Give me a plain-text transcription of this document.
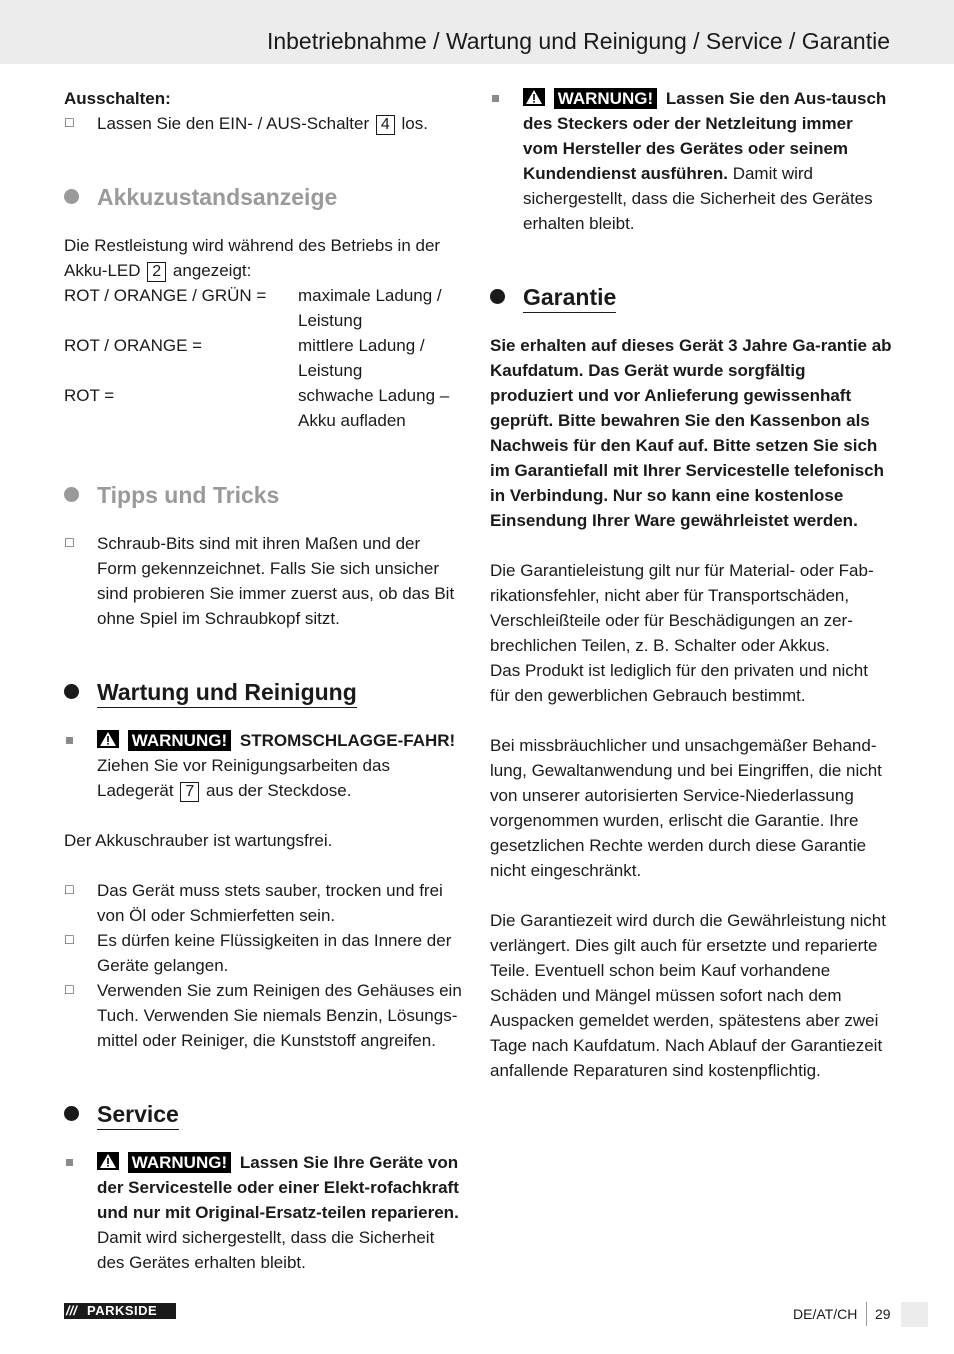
Inbetriebnahme / Wartung und Reinigung / Service / Garantie
Ausschalten:
☐ Lassen Sie den EIN- / AUS-Schalter 4 los.
Akkuzustandsanzeige
Die Restleistung wird während des Betriebs in der Akku-LED 2 angezeigt:
ROT / ORANGE / GRÜN =	maximale Ladung / Leistung
ROT / ORANGE =	mittlere Ladung / Leistung
ROT =	schwache Ladung – Akku aufladen
Tipps und Tricks
☐ Schraub-Bits sind mit ihren Maßen und der Form gekennzeichnet. Falls Sie sich unsicher sind probieren Sie immer zuerst aus, ob das Bit ohne Spiel im Schraubkopf sitzt.
Wartung und Reinigung
WARNUNG! STROMSCHLAGGE-FAHR! Ziehen Sie vor Reinigungsarbeiten das Ladegerät 7 aus der Steckdose.
Der Akkuschrauber ist wartungsfrei.
☐ Das Gerät muss stets sauber, trocken und frei von Öl oder Schmierfetten sein.
☐ Es dürfen keine Flüssigkeiten in das Innere der Geräte gelangen.
☐ Verwenden Sie zum Reinigen des Gehäuses ein Tuch. Verwenden Sie niemals Benzin, Lösungs-mittel oder Reiniger, die Kunststoff angreifen.
Service
WARNUNG! Lassen Sie Ihre Geräte von der Servicestelle oder einer Elekt-rofachkraft und nur mit Original-Ersatz-teilen reparieren. Damit wird sichergestellt, dass die Sicherheit des Gerätes erhalten bleibt.
WARNUNG! Lassen Sie den Aus-tausch des Steckers oder der Netzleitung immer vom Hersteller des Gerätes oder seinem Kundendienst ausführen. Damit wird sichergestellt, dass die Sicherheit des Gerätes erhalten bleibt.
Garantie
Sie erhalten auf dieses Gerät 3 Jahre Ga-rantie ab Kaufdatum. Das Gerät wurde sorgfältig produziert und vor Anlieferung gewissenhaft geprüft. Bitte bewahren Sie den Kassenbon als Nachweis für den Kauf auf. Bitte setzen Sie sich im Garantiefall mit Ihrer Servicestelle telefonisch in Verbindung. Nur so kann eine kostenlose Einsendung Ihrer Ware gewährleistet werden.
Die Garantieleistung gilt nur für Material- oder Fab-rikationsfehler, nicht aber für Transportschäden, Verschleißteile oder für Beschädigungen an zer-brechlichen Teilen, z. B. Schalter oder Akkus.
Das Produkt ist lediglich für den privaten und nicht für den gewerblichen Gebrauch bestimmt.
Bei missbräuchlicher und unsachgemäßer Behand-lung, Gewaltanwendung und bei Eingriffen, die nicht von unserer autorisierten Service-Niederlassung vorgenommen wurden, erlischt die Garantie. Ihre gesetzlichen Rechte werden durch diese Garantie nicht eingeschränkt.
Die Garantiezeit wird durch die Gewährleistung nicht verlängert. Dies gilt auch für ersetzte und reparierte Teile. Eventuell schon beim Kauf vorhandene Schäden und Mängel müssen sofort nach dem Auspacken gemeldet werden, spätestens aber zwei Tage nach Kaufdatum. Nach Ablauf der Garantiezeit anfallende Reparaturen sind kostenpflichtig.
/// PARKSIDE	DE/AT/CH 29
